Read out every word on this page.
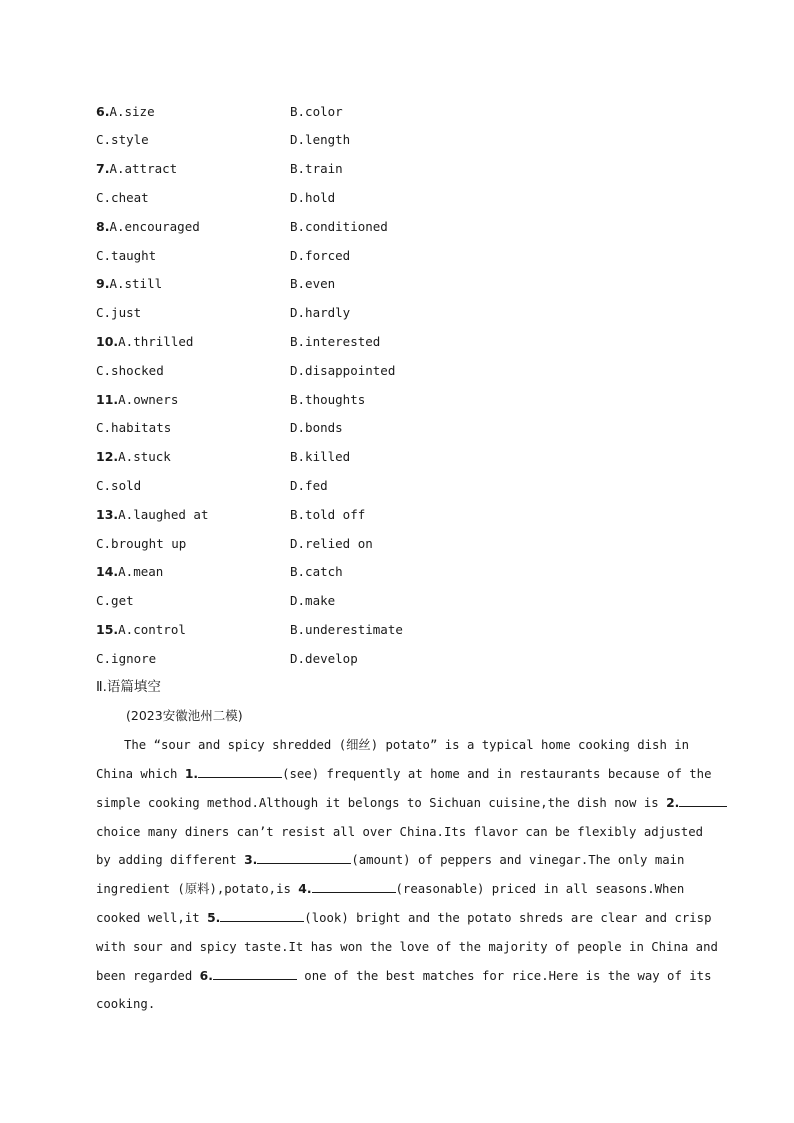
6.A.size	B.color
C.style	D.length
7.A.attract	B.train
C.cheat	D.hold
8.A.encouraged	B.conditioned
C.taught	D.forced
9.A.still	B.even
C.just	D.hardly
10.A.thrilled	B.interested
C.shocked	D.disappointed
11.A.owners	B.thoughts
C.habitats	D.bonds
12.A.stuck	B.killed
C.sold	D.fed
13.A.laughed at	B.told off
C.brought up	D.relied on
14.A.mean	B.catch
C.get	D.make
15.A.control	B.underestimate
C.ignore	D.develop
Ⅱ.语篇填空
(2023安徽池州二模)
The “sour and spicy shredded (细丝) potato” is a typical home cooking dish in
China which 1.	(see) frequently at home and in restaurants because of the
simple cooking method.Although it belongs to Sichuan cuisine,the dish now is 2.
choice many diners can’t resist all over China.Its flavor can be flexibly adjusted
by adding different 3.	(amount) of peppers and vinegar.The only main
ingredient (原料),potato,is 4.	(reasonable) priced in all seasons.When
cooked well,it 5.	(look) bright and the potato shreds are clear and crisp
with sour and spicy taste.It has won the love of the majority of people in China and
been regarded 6.	one of the best matches for rice.Here is the way of its
cooking.
